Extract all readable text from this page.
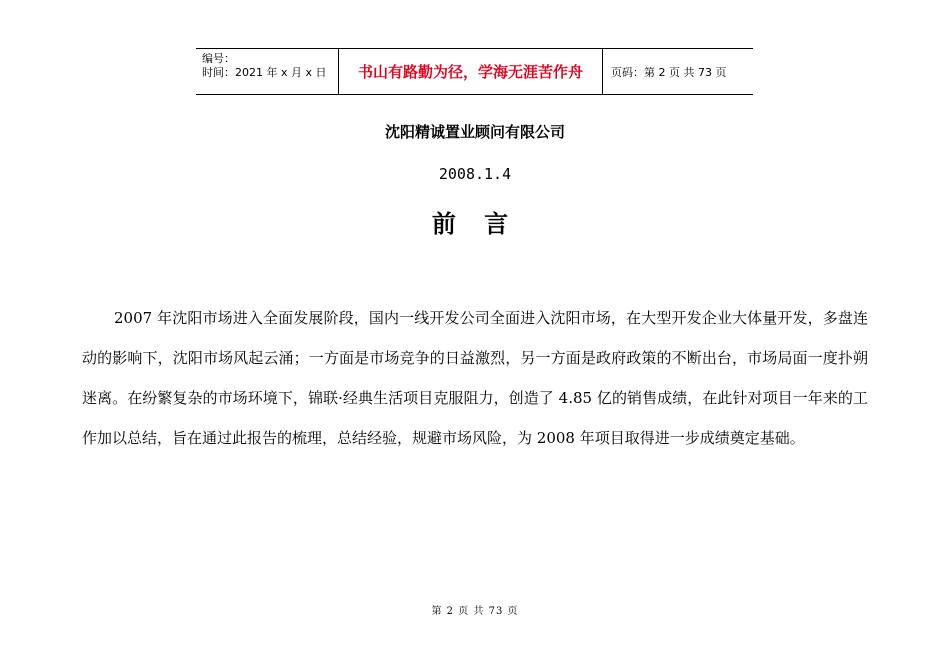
编号：
时间：2021 年 x 月 x 日	书山有路勤为径，学海无涯苦作舟	页码：第 2 页 共 73 页
沈阳精诚置业顾问有限公司
2008.1.4
前 言
2007 年沈阳市场进入全面发展阶段，国内一线开发公司全面进入沈阳市场，在大型开发企业大体量开发，多盘连动的影响下，沈阳市场风起云涌；一方面是市场竞争的日益激烈，另一方面是政府政策的不断出台，市场局面一度扑朔迷离。在纷繁复杂的市场环境下，锦联·经典生活项目克服阻力，创造了 4.85 亿的销售成绩，在此针对项目一年来的工作加以总结，旨在通过此报告的梳理，总结经验，规避市场风险，为 2008 年项目取得进一步成绩奠定基础。
第 2 页 共 73 页
